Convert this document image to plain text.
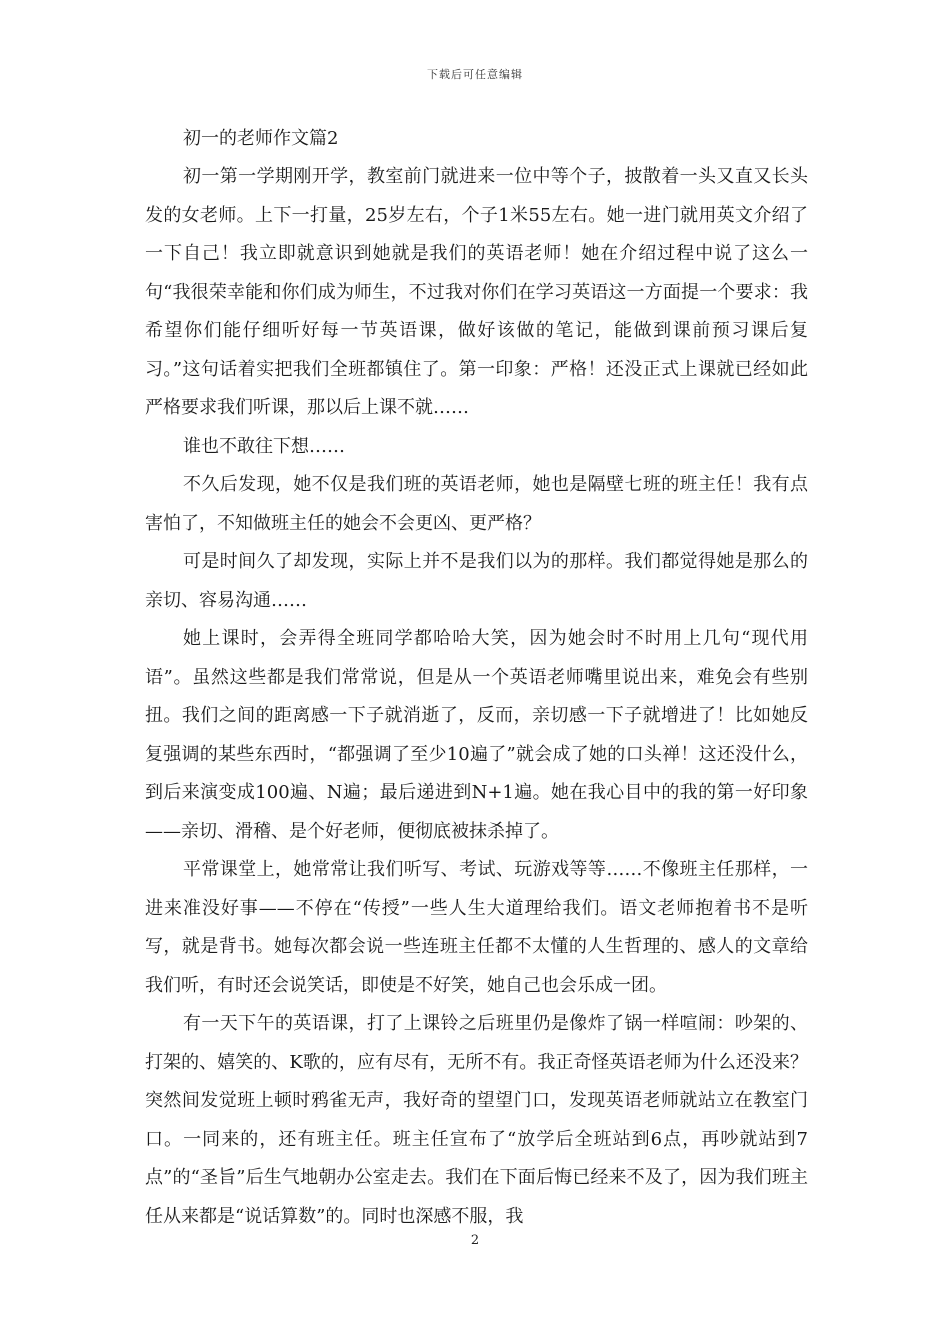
下载后可任意编辑
初一的老师作文篇2

初一第一学期刚开学，教室前门就进来一位中等个子，披散着一头又直又长头发的女老师。上下一打量，25岁左右，个子1米55左右。她一进门就用英文介绍了一下自己！我立即就意识到她就是我们的英语老师！她在介绍过程中说了这么一句“我很荣幸能和你们成为师生，不过我对你们在学习英语这一方面提一个要求：我希望你们能仔细听好每一节英语课，做好该做的笔记，能做到课前预习课后复习。”这句话着实把我们全班都镇住了。第一印象：严格！还没正式上课就已经如此严格要求我们听课，那以后上课不就……

谁也不敢往下想……

不久后发现，她不仅是我们班的英语老师，她也是隔壁七班的班主任！我有点害怕了，不知做班主任的她会不会更凶、更严格？

可是时间久了却发现，实际上并不是我们以为的那样。我们都觉得她是那么的亲切、容易沟通……

她上课时，会弄得全班同学都哈哈大笑，因为她会时不时用上几句“现代用语”。虽然这些都是我们常常说，但是从一个英语老师嘴里说出来，难免会有些别扭。我们之间的距离感一下子就消逝了，反而，亲切感一下子就增进了！比如她反复强调的某些东西时，“都强调了至少10遍了”就会成了她的口头禅！这还没什么，到后来演变成100遍、N遍；最后递进到N+1遍。她在我心目中的我的第一好印象——亲切、滑稽、是个好老师，便彻底被抹杀掉了。

平常课堂上，她常常让我们听写、考试、玩游戏等等……不像班主任那样，一进来准没好事——不停在“传授”一些人生大道理给我们。语文老师抱着书不是听写，就是背书。她每次都会说一些连班主任都不太懂的人生哲理的、感人的文章给我们听，有时还会说笑话，即使是不好笑，她自己也会乐成一团。

有一天下午的英语课，打了上课铃之后班里仍是像炸了锅一样喧闹：吵架的、打架的、嬉笑的、K歌的，应有尽有，无所不有。我正奇怪英语老师为什么还没来？突然间发觉班上顿时鸦雀无声，我好奇的望望门口，发现英语老师就站立在教室门口。一同来的，还有班主任。班主任宣布了“放学后全班站到6点，再吵就站到7点”的“圣旨”后生气地朝办公室走去。我们在下面后悔已经来不及了，因为我们班主任从来都是“说话算数”的。同时也深感不服，我

2
